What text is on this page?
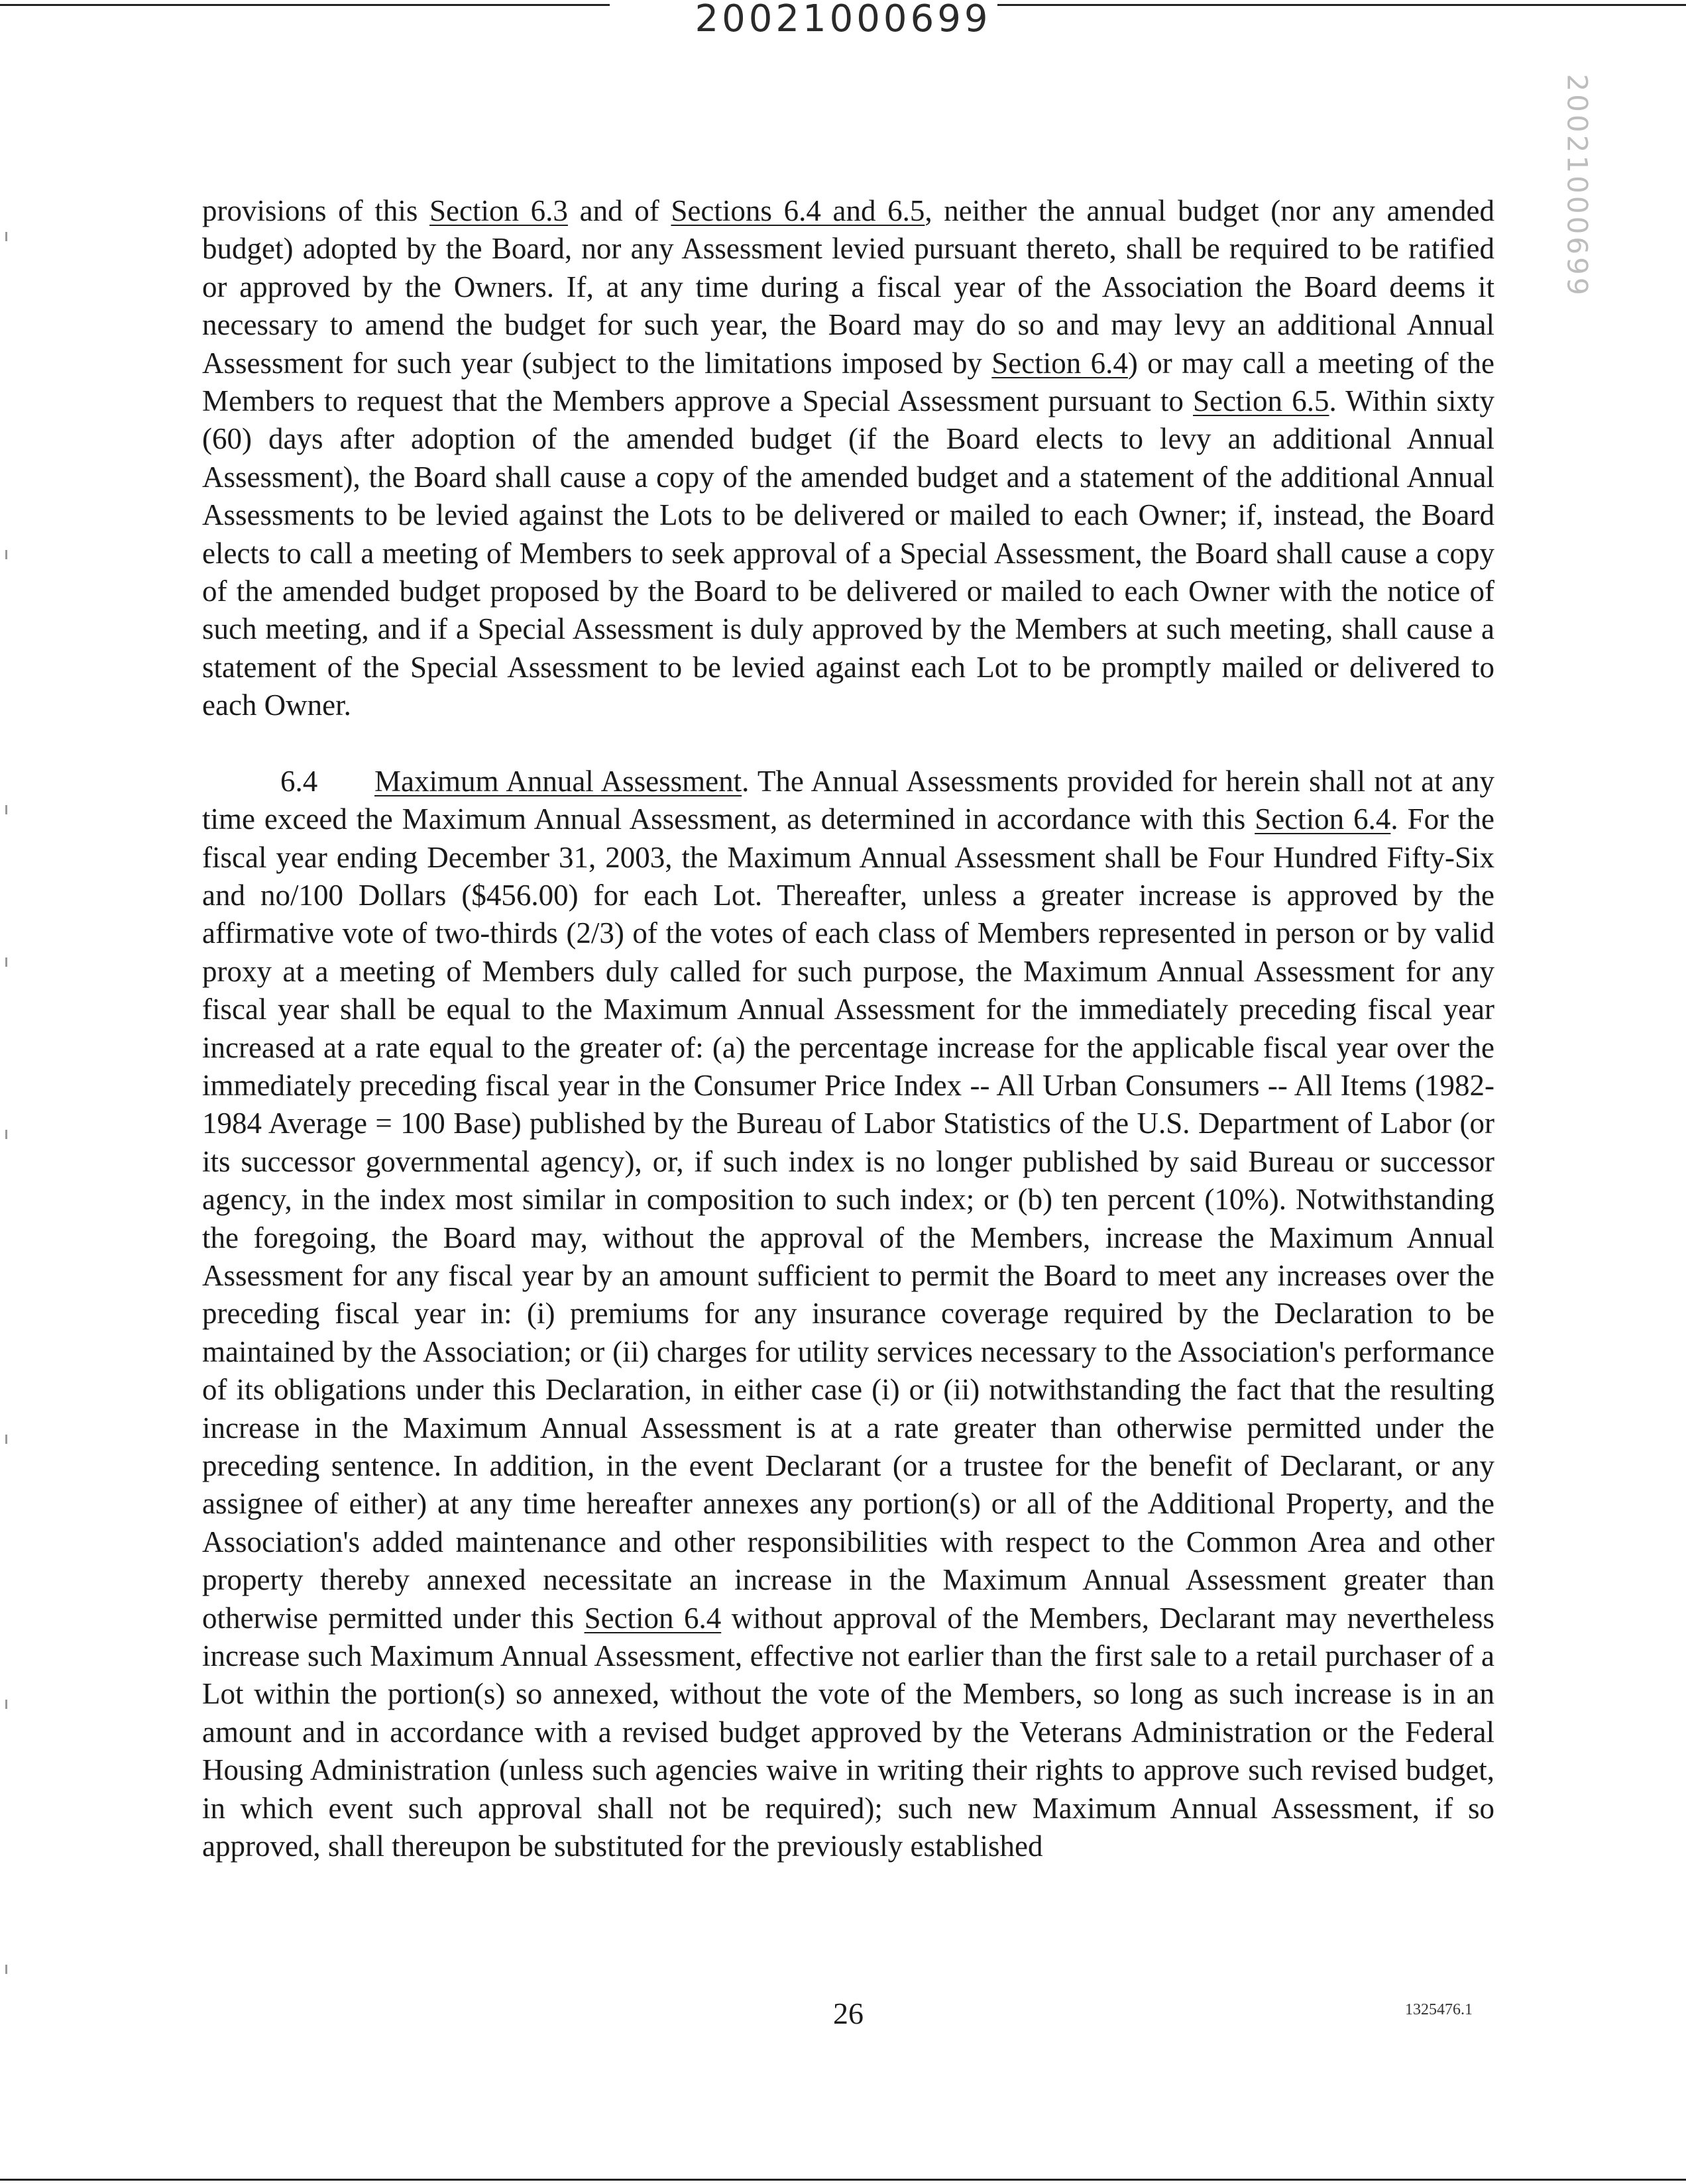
20021000699
20021000699

provisions of this Section 6.3 and of Sections 6.4 and 6.5, neither the annual budget (nor any amended budget) adopted by the Board, nor any Assessment levied pursuant thereto, shall be required to be ratified or approved by the Owners. If, at any time during a fiscal year of the Association the Board deems it necessary to amend the budget for such year, the Board may do so and may levy an additional Annual Assessment for such year (subject to the limitations imposed by Section 6.4) or may call a meeting of the Members to request that the Members approve a Special Assessment pursuant to Section 6.5. Within sixty (60) days after adoption of the amended budget (if the Board elects to levy an additional Annual Assessment), the Board shall cause a copy of the amended budget and a statement of the additional Annual Assessments to be levied against the Lots to be delivered or mailed to each Owner; if, instead, the Board elects to call a meeting of Members to seek approval of a Special Assessment, the Board shall cause a copy of the amended budget proposed by the Board to be delivered or mailed to each Owner with the notice of such meeting, and if a Special Assessment is duly approved by the Members at such meeting, shall cause a statement of the Special Assessment to be levied against each Lot to be promptly mailed or delivered to each Owner.

6.4 Maximum Annual Assessment. The Annual Assessments provided for herein shall not at any time exceed the Maximum Annual Assessment, as determined in accordance with this Section 6.4. For the fiscal year ending December 31, 2003, the Maximum Annual Assessment shall be Four Hundred Fifty-Six and no/100 Dollars ($456.00) for each Lot. Thereafter, unless a greater increase is approved by the affirmative vote of two-thirds (2/3) of the votes of each class of Members represented in person or by valid proxy at a meeting of Members duly called for such purpose, the Maximum Annual Assessment for any fiscal year shall be equal to the Maximum Annual Assessment for the immediately preceding fiscal year increased at a rate equal to the greater of: (a) the percentage increase for the applicable fiscal year over the immediately preceding fiscal year in the Consumer Price Index -- All Urban Consumers -- All Items (1982-1984 Average = 100 Base) published by the Bureau of Labor Statistics of the U.S. Department of Labor (or its successor governmental agency), or, if such index is no longer published by said Bureau or successor agency, in the index most similar in composition to such index; or (b) ten percent (10%). Notwithstanding the foregoing, the Board may, without the approval of the Members, increase the Maximum Annual Assessment for any fiscal year by an amount sufficient to permit the Board to meet any increases over the preceding fiscal year in: (i) premiums for any insurance coverage required by the Declaration to be maintained by the Association; or (ii) charges for utility services necessary to the Association's performance of its obligations under this Declaration, in either case (i) or (ii) notwithstanding the fact that the resulting increase in the Maximum Annual Assessment is at a rate greater than otherwise permitted under the preceding sentence. In addition, in the event Declarant (or a trustee for the benefit of Declarant, or any assignee of either) at any time hereafter annexes any portion(s) or all of the Additional Property, and the Association's added maintenance and other responsibilities with respect to the Common Area and other property thereby annexed necessitate an increase in the Maximum Annual Assessment greater than otherwise permitted under this Section 6.4 without approval of the Members, Declarant may nevertheless increase such Maximum Annual Assessment, effective not earlier than the first sale to a retail purchaser of a Lot within the portion(s) so annexed, without the vote of the Members, so long as such increase is in an amount and in accordance with a revised budget approved by the Veterans Administration or the Federal Housing Administration (unless such agencies waive in writing their rights to approve such revised budget, in which event such approval shall not be required); such new Maximum Annual Assessment, if so approved, shall thereupon be substituted for the previously established

26	1325476.1
